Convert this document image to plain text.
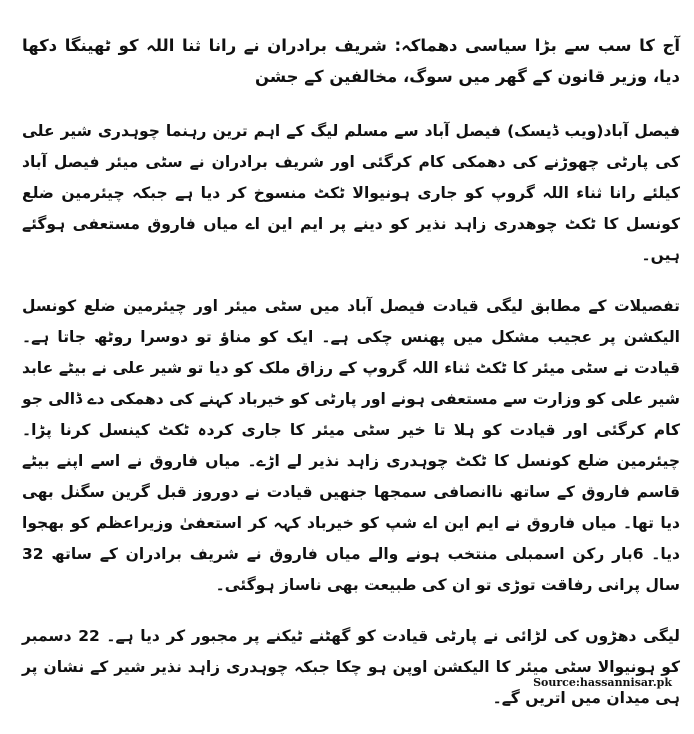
آج کا سب سے بڑا سیاسی دھماکہ: شریف برادران نے رانا ثنا اللہ کو ٹھینگا دکھا دیا، وزیر قانون کے گھر میں سوگ، مخالفین کے جشن
فیصل آباد(ویب ڈیسک) فیصل آباد سے مسلم لیگ کے اہم ترین رہنما چوہدری شیر علی کی پارٹی چھوڑنے کی دھمکی کام کرگئی اور شریف برادران نے سٹی میئر فیصل آباد کیلئے رانا ثناء اللہ گروپ کو جاری ہونیوالا ٹکٹ منسوخ کر دیا ہے جبکہ چیئرمین ضلع کونسل کا ٹکٹ چوھدری زاہد نذیر کو دینے پر ایم این اے میاں فاروق مستعفی ہوگئے ہیں۔
تفصیلات کے مطابق لیگی قیادت فیصل آباد میں سٹی میئر اور چیئرمین ضلع کونسل الیکشن پر عجیب مشکل میں پھنس چکی ہے۔ ایک کو مناؤ تو دوسرا روٹھ جاتا ہے۔ قیادت نے سٹی میئر کا ٹکٹ ثناء اللہ گروپ کے رزاق ملک کو دیا تو شیر علی نے بیٹے عابد شیر علی کو وزارت سے مستعفی ہونے اور پارٹی کو خیرباد کہنے کی دھمکی دے ڈالی جو کام کرگئی اور قیادت کو ہلا تا خیر سٹی میئر کا جاری کردہ ٹکٹ کینسل کرنا پڑا۔ چیئرمین ضلع کونسل کا ٹکٹ چوہدری زاہد نذیر لے اڑے۔ میاں فاروق نے اسے اپنے بیٹے قاسم فاروق کے ساتھ ناانصافی سمجھا جنھیں قیادت نے دوروز قبل گرین سگنل بھی دیا تھا۔ میاں فاروق نے ایم این اے شپ کو خیرباد کہہ کر استعفیٰ وزیراعظم کو بھجوا دیا۔ 6بار رکن اسمبلی منتخب ہونے والے میاں فاروق نے شریف برادران کے ساتھ 32 سال پرانی رفاقت توڑی تو ان کی طبیعت بھی ناساز ہوگئی۔
لیگی دھڑوں کی لڑائی نے پارٹی قیادت کو گھٹنے ٹیکنے پر مجبور کر دیا ہے۔ 22 دسمبر کو ہونیوالا سٹی میئر کا الیکشن اوپن ہو چکا جبکہ چوہدری زاہد نذیر شیر کے نشان پر ہی میدان میں اتریں گے۔
Source:hassannisar.pk
